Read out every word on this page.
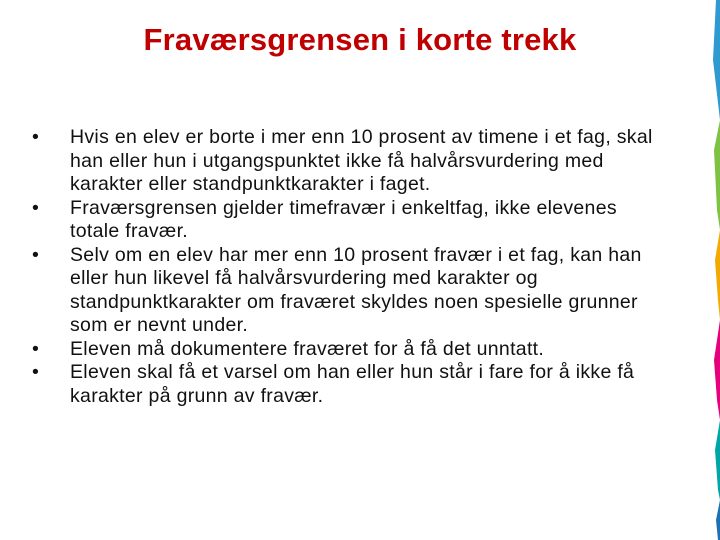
Fraværsgrensen i korte trekk
•	Hvis en elev er borte i mer enn 10 prosent av timene i et fag, skal han eller hun i utgangspunktet ikke få halvårsvurdering med karakter eller standpunktkarakter i faget.
•	Fraværsgrensen gjelder timefravær i enkeltfag, ikke elevenes totale fravær.
•	Selv om en elev har mer enn 10 prosent fravær i et fag, kan han eller hun likevel få halvårsvurdering med karakter og standpunktkarakter om fraværet skyldes noen spesielle grunner som er nevnt under.
•	Eleven må dokumentere fraværet for å få det unntatt.
•	Eleven skal få et varsel om han eller hun står i fare for å ikke få karakter på grunn av fravær.
